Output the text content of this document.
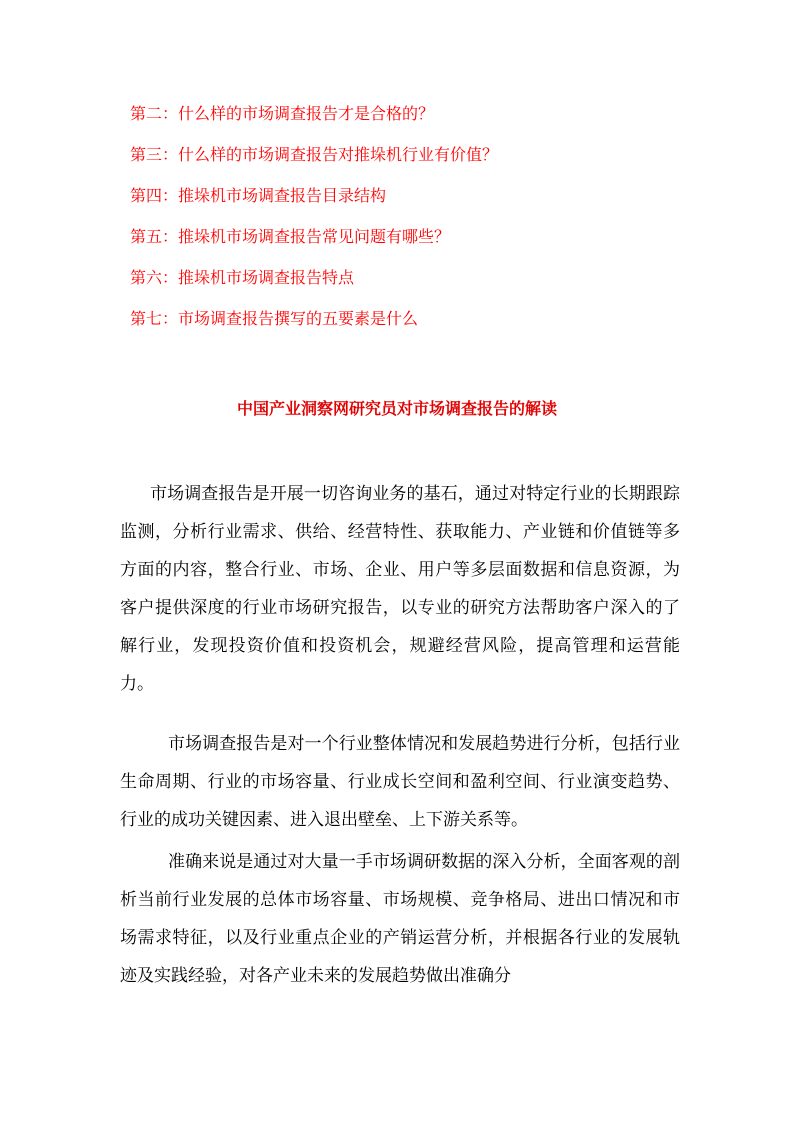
第二：什么样的市场调查报告才是合格的？
第三：什么样的市场调查报告对推垛机行业有价值？
第四：推垛机市场调查报告目录结构
第五：推垛机市场调查报告常见问题有哪些？
第六：推垛机市场调查报告特点
第七：市场调查报告撰写的五要素是什么
中国产业洞察网研究员对市场调查报告的解读

市场调查报告是开展一切咨询业务的基石，通过对特定行业的长期跟踪监测，分析行业需求、供给、经营特性、获取能力、产业链和价值链等多方面的内容，整合行业、市场、企业、用户等多层面数据和信息资源，为客户提供深度的行业市场研究报告，以专业的研究方法帮助客户深入的了解行业，发现投资价值和投资机会，规避经营风险，提高管理和运营能力。

市场调查报告是对一个行业整体情况和发展趋势进行分析，包括行业生命周期、行业的市场容量、行业成长空间和盈利空间、行业演变趋势、行业的成功关键因素、进入退出壁垒、上下游关系等。

准确来说是通过对大量一手市场调研数据的深入分析，全面客观的剖析当前行业发展的总体市场容量、市场规模、竞争格局、进出口情况和市场需求特征，以及行业重点企业的产销运营分析，并根据各行业的发展轨迹及实践经验，对各产业未来的发展趋势做出准确分
